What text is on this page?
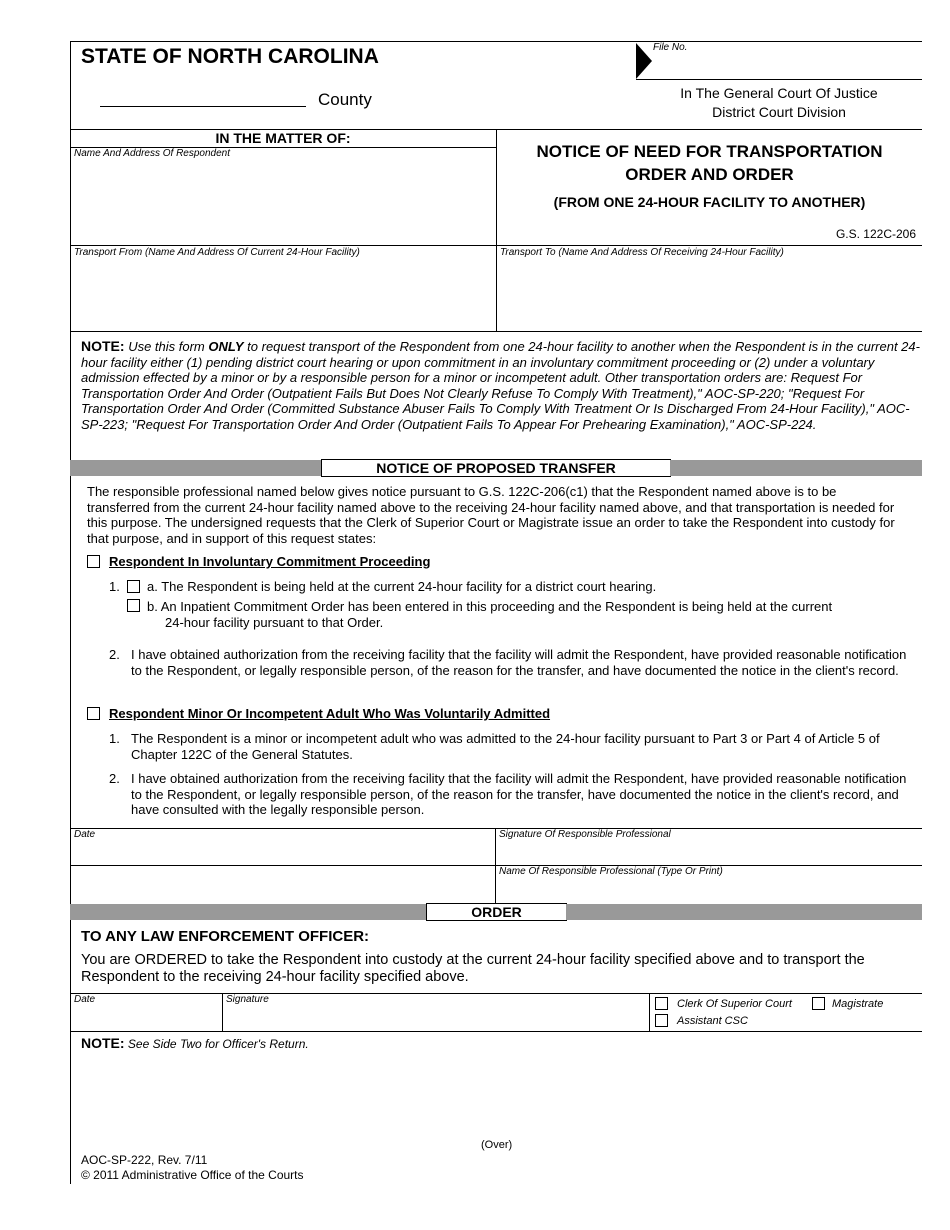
STATE OF NORTH CAROLINA
County
File No.
In The General Court Of Justice
District Court Division
IN THE MATTER OF:
Name And Address Of Respondent	NOTICE OF NEED FOR TRANSPORTATION
ORDER AND ORDER
(FROM ONE 24-HOUR FACILITY TO ANOTHER)
G.S. 122C-206
Transport From (Name And Address Of Current 24-Hour Facility)	Transport To (Name And Address Of Receiving 24-Hour Facility)
NOTE: Use this form ONLY to request transport of the Respondent from one 24-hour facility to another when the Respondent is in the current 24-hour facility either (1) pending district court hearing or upon commitment in an involuntary commitment proceeding or (2) under a voluntary admission effected by a minor or by a responsible person for a minor or incompetent adult. Other transportation orders are: Request For Transportation Order And Order (Outpatient Fails But Does Not Clearly Refuse To Comply With Treatment)," AOC-SP-220; "Request For Transportation Order And Order (Committed Substance Abuser Fails To Comply With Treatment Or Is Discharged From 24-Hour Facility)," AOC-SP-223; "Request For Transportation Order And Order (Outpatient Fails To Appear For Prehearing Examination)," AOC-SP-224.
NOTICE OF PROPOSED TRANSFER
The responsible professional named below gives notice pursuant to G.S. 122C-206(c1) that the Respondent named above is to be transferred from the current 24-hour facility named above to the receiving 24-hour facility named above, and that transportation is needed for this purpose. The undersigned requests that the Clerk of Superior Court or Magistrate issue an order to take the Respondent into custody for that purpose, and in support of this request states:
Respondent In Involuntary Commitment Proceeding
1. a. The Respondent is being held at the current 24-hour facility for a district court hearing.
b. An Inpatient Commitment Order has been entered in this proceeding and the Respondent is being held at the current
24-hour facility pursuant to that Order.
2. I have obtained authorization from the receiving facility that the facility will admit the Respondent, have provided reasonable notification to the Respondent, or legally responsible person, of the reason for the transfer, and have documented the notice in the client's record.
Respondent Minor Or Incompetent Adult Who Was Voluntarily Admitted
1. The Respondent is a minor or incompetent adult who was admitted to the 24-hour facility pursuant to Part 3 or Part 4 of Article 5 of Chapter 122C of the General Statutes.
2. I have obtained authorization from the receiving facility that the facility will admit the Respondent, have provided reasonable notification to the Respondent, or legally responsible person, of the reason for the transfer, have documented the notice in the client's record, and have consulted with the legally responsible person.
Date	Signature Of Responsible Professional
Name Of Responsible Professional (Type Or Print)
ORDER
TO ANY LAW ENFORCEMENT OFFICER:
You are ORDERED to take the Respondent into custody at the current 24-hour facility specified above and to transport the Respondent to the receiving 24-hour facility specified above.
Date	Signature	Clerk Of Superior Court	Magistrate
Assistant CSC
NOTE: See Side Two for Officer's Return.
(Over)
AOC-SP-222, Rev. 7/11
© 2011 Administrative Office of the Courts
